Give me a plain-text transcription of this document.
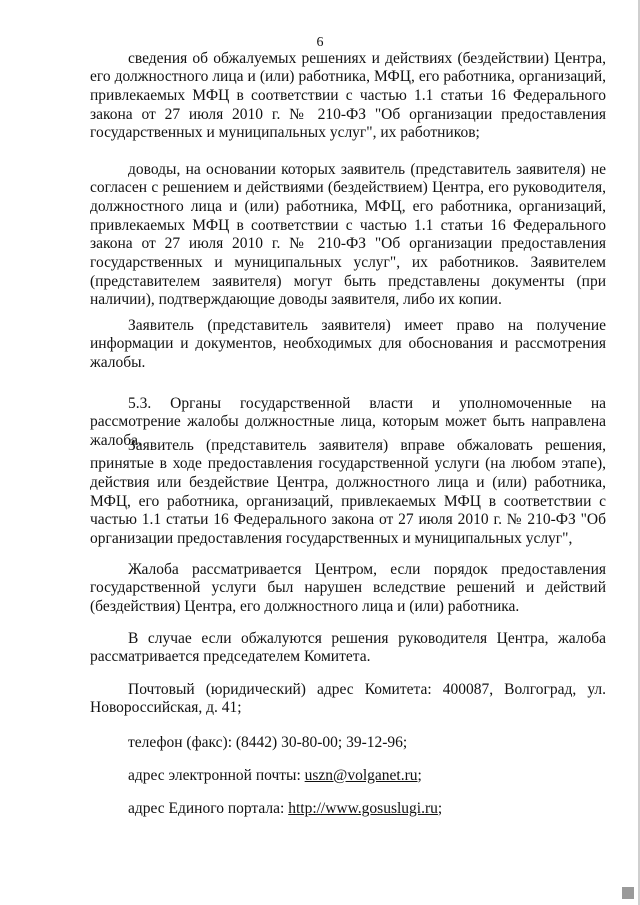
6

сведения об обжалуемых решениях и действиях (бездействии) Центра, его должностного лица и (или) работника, МФЦ, его работника, организаций, привлекаемых МФЦ в соответствии с частью 1.1 статьи 16 Федерального закона от 27 июля 2010 г. № 210-ФЗ "Об организации предоставления государственных и муниципальных услуг", их работников;

доводы, на основании которых заявитель (представитель заявителя) не согласен с решением и действиями (бездействием) Центра, его руководителя, должностного лица и (или) работника, МФЦ, его работника, организаций, привлекаемых МФЦ в соответствии с частью 1.1 статьи 16 Федерального закона от 27 июля 2010 г. № 210-ФЗ "Об организации предоставления государственных и муниципальных услуг", их работников. Заявителем (представителем заявителя) могут быть представлены документы (при наличии), подтверждающие доводы заявителя, либо их копии.

Заявитель (представитель заявителя) имеет право на получение информации и документов, необходимых для обоснования и рассмотрения жалобы.

5.3. Органы государственной власти и уполномоченные на рассмотрение жалобы должностные лица, которым может быть направлена жалоба.

Заявитель (представитель заявителя) вправе обжаловать решения, принятые в ходе предоставления государственной услуги (на любом этапе), действия или бездействие Центра, должностного лица и (или) работника, МФЦ, его работника, организаций, привлекаемых МФЦ в соответствии с частью 1.1 статьи 16 Федерального закона от 27 июля 2010 г. № 210-ФЗ "Об организации предоставления государственных и муниципальных услуг",

Жалоба рассматривается Центром, если порядок предоставления государственной услуги был нарушен вследствие решений и действий (бездействия) Центра, его должностного лица и (или) работника.

В случае если обжалуются решения руководителя Центра, жалоба рассматривается председателем Комитета.

Почтовый (юридический) адрес Комитета: 400087, Волгоград, ул. Новороссийская, д. 41;

телефон (факс): (8442) 30-80-00; 39-12-96;

адрес электронной почты: uszn@volganet.ru;

адрес Единого портала: http://www.gosuslugi.ru;
